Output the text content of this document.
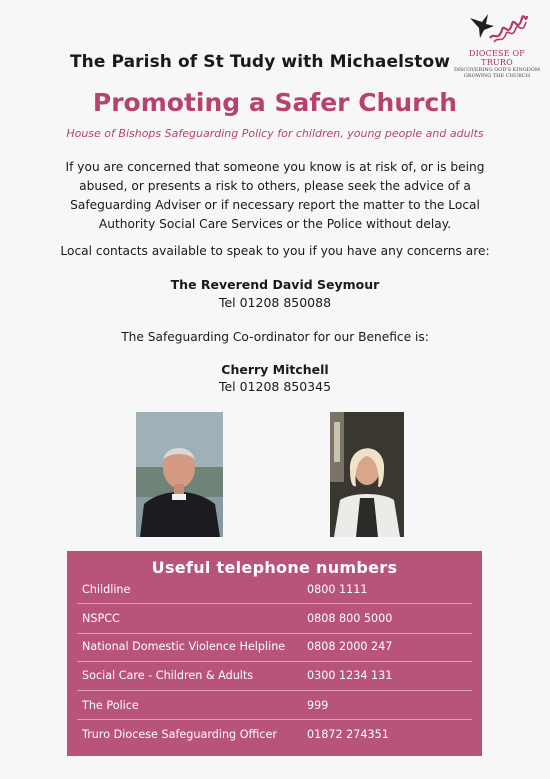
The Parish of St Tudy with Michaelstow	DIOCESE OF TRURO
DISCOVERING GOD'S KINGDOM
GROWING THE CHURCH
Promoting a Safer Church
House of Bishops Safeguarding Policy for children, young people and adults
If you are concerned that someone you know is at risk of, or is being
abused, or presents a risk to others, please seek the advice of a
Safeguarding Adviser or if necessary report the matter to the Local
Authority Social Care Services or the Police without delay.
Local contacts available to speak to you if you have any concerns are:
The Reverend David Seymour
Tel 01208 850088
The Safeguarding Co-ordinator for our Benefice is:
Cherry Mitchell
Tel 01208 850345
Useful telephone numbers
Childline	0800 1111
NSPCC	0808 800 5000
National Domestic Violence Helpline 0808 2000 247
Social Care - Children & Adults	0300 1234 131
The Police	999
Truro Diocese Safeguarding Officer	01872 274351
